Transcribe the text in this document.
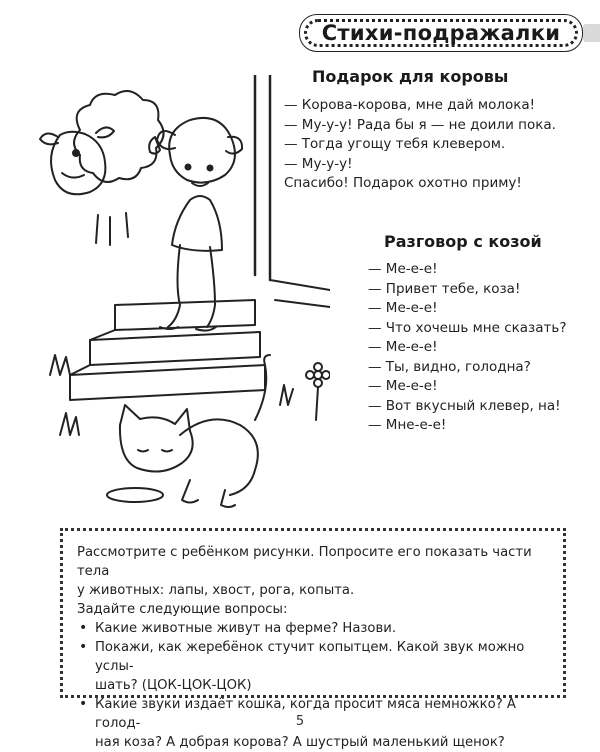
Стихи-подражалки
Подарок для коровы
— Корова-корова, мне дай молока!
— Му-у-у! Рада бы я — не доили пока.
— Тогда угощу тебя клевером.
— Му-у-у!
Спасибо! Подарок охотно приму!
Разговор с козой
— Ме-е-е!
— Привет тебе, коза!
— Ме-е-е!
— Что хочешь мне сказать?
— Ме-е-е!
— Ты, видно, голодна?
— Ме-е-е!
— Вот вкусный клевер, на!
— Мне-е-е!

Рассмотрите с ребёнком рисунки. Попросите его показать части тела

у животных: лапы, хвост, рога, копыта.

Задайте следующие вопросы:

• Какие животные живут на ферме? Назови.
• Покажи, как жеребёнок стучит копытцем. Какой звук можно услы-
шать? (ЦОК-ЦОК-ЦОК)
• Какие звуки издаёт кошка, когда просит мяса немножко? А голод-
ная коза? А добрая корова? А шустрый маленький щенок?
5
